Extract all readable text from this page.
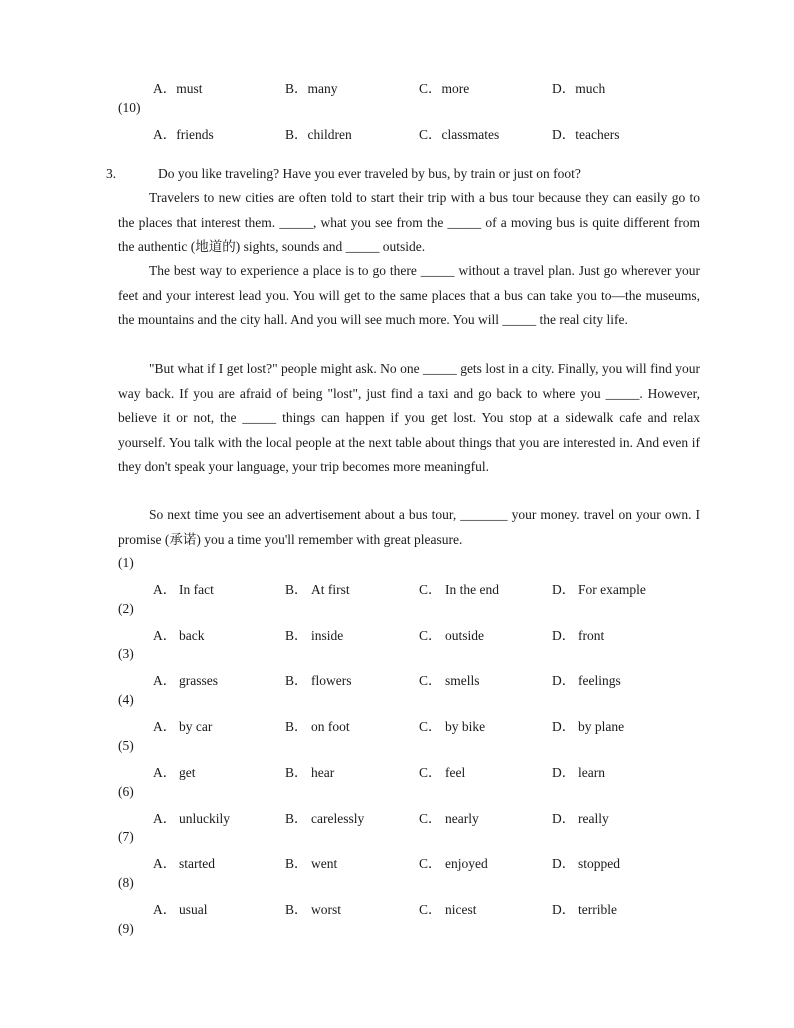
A．must	B．many	C．more	D．much
(10)
A．friends	B．children	C．classmates	D．teachers
3.	Do you like traveling? Have you ever traveled by bus, by train or just on foot?
Travelers to new cities are often told to start their trip with a bus tour because they can easily go to the places that interest them. _____, what you see from the _____ of a moving bus is quite different from the authentic (地道的) sights, sounds and _____ outside.
The best way to experience a place is to go there _____ without a travel plan. Just go wherever your feet and your interest lead you. You will get to the same places that a bus can take you to—the museums, the mountains and the city hall. And you will see much more. You will _____ the real city life.
"But what if I get lost?" people might ask. No one _____ gets lost in a city. Finally, you will find your way back. If you are afraid of being "lost", just find a taxi and go back to where you _____. However, believe it or not, the _____ things can happen if you get lost. You stop at a sidewalk cafe and relax yourself. You talk with the local people at the next table about things that you are interested in. And even if they don't speak your language, your trip becomes more meaningful.
So next time you see an advertisement about a bus tour, _______ your money. travel on your own. I promise (承诺) you a time you'll remember with great pleasure.
(1)
A． In fact	B． At first	C． In the end	D． For example
(2)
A． back	B． inside	C． outside	D． front
(3)
A． grasses	B． flowers	C． smells	D． feelings
(4)
A． by car	B． on foot	C． by bike	D． by plane
(5)
A． get	B． hear	C． feel	D． learn
(6)
A． unluckily	B． carelessly	C． nearly	D． really
(7)
A． started	B． went	C． enjoyed	D． stopped
(8)
A． usual	B． worst	C． nicest	D． terrible
(9)
